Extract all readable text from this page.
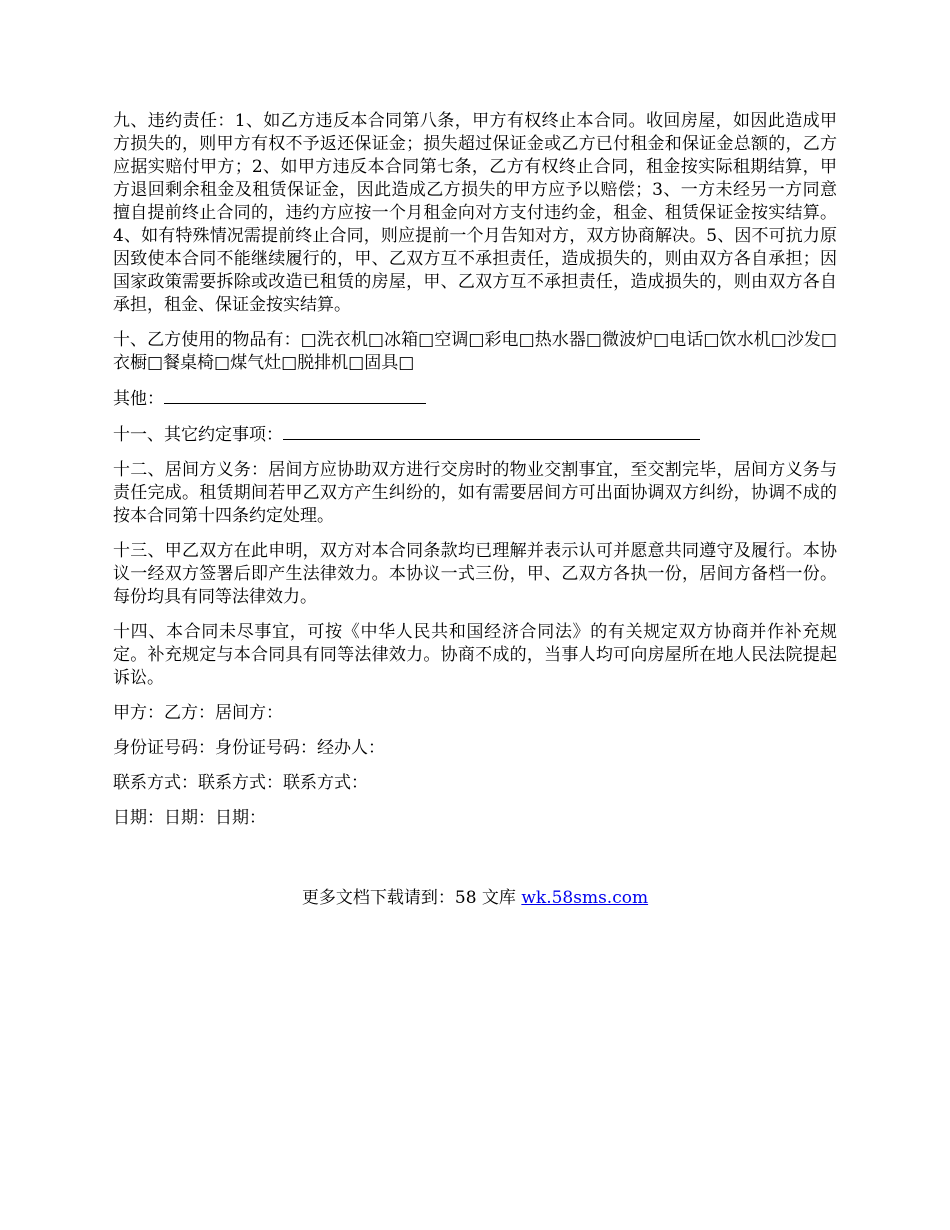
九、违约责任：1、如乙方违反本合同第八条，甲方有权终止本合同。收回房屋，如因此造成甲方损失的，则甲方有权不予返还保证金；损失超过保证金或乙方已付租金和保证金总额的，乙方应据实赔付甲方；2、如甲方违反本合同第七条，乙方有权终止合同，租金按实际租期结算，甲方退回剩余租金及租赁保证金，因此造成乙方损失的甲方应予以赔偿；3、一方未经另一方同意擅自提前终止合同的，违约方应按一个月租金向对方支付违约金，租金、租赁保证金按实结算。4、如有特殊情况需提前终止合同，则应提前一个月告知对方，双方协商解决。5、因不可抗力原因致使本合同不能继续履行的，甲、乙双方互不承担责任，造成损失的，则由双方各自承担；因国家政策需要拆除或改造已租赁的房屋，甲、乙双方互不承担责任，造成损失的，则由双方各自承担，租金、保证金按实结算。

十、乙方使用的物品有：□洗衣机□冰箱□空调□彩电□热水器□微波炉□电话□饮水机□沙发□衣橱□餐桌椅□煤气灶□脱排机□固具□

其他：

十一、其它约定事项：

十二、居间方义务：居间方应协助双方进行交房时的物业交割事宜，至交割完毕，居间方义务与责任完成。租赁期间若甲乙双方产生纠纷的，如有需要居间方可出面协调双方纠纷，协调不成的按本合同第十四条约定处理。

十三、甲乙双方在此申明，双方对本合同条款均已理解并表示认可并愿意共同遵守及履行。本协议一经双方签署后即产生法律效力。本协议一式三份，甲、乙双方各执一份，居间方备档一份。每份均具有同等法律效力。

十四、本合同未尽事宜，可按《中华人民共和国经济合同法》的有关规定双方协商并作补充规定。补充规定与本合同具有同等法律效力。协商不成的，当事人均可向房屋所在地人民法院提起诉讼。

甲方：乙方：居间方：

身份证号码：身份证号码：经办人：

联系方式：联系方式：联系方式：

日期：日期：日期：

更多文档下载请到：58 文库 wk.58sms.com
